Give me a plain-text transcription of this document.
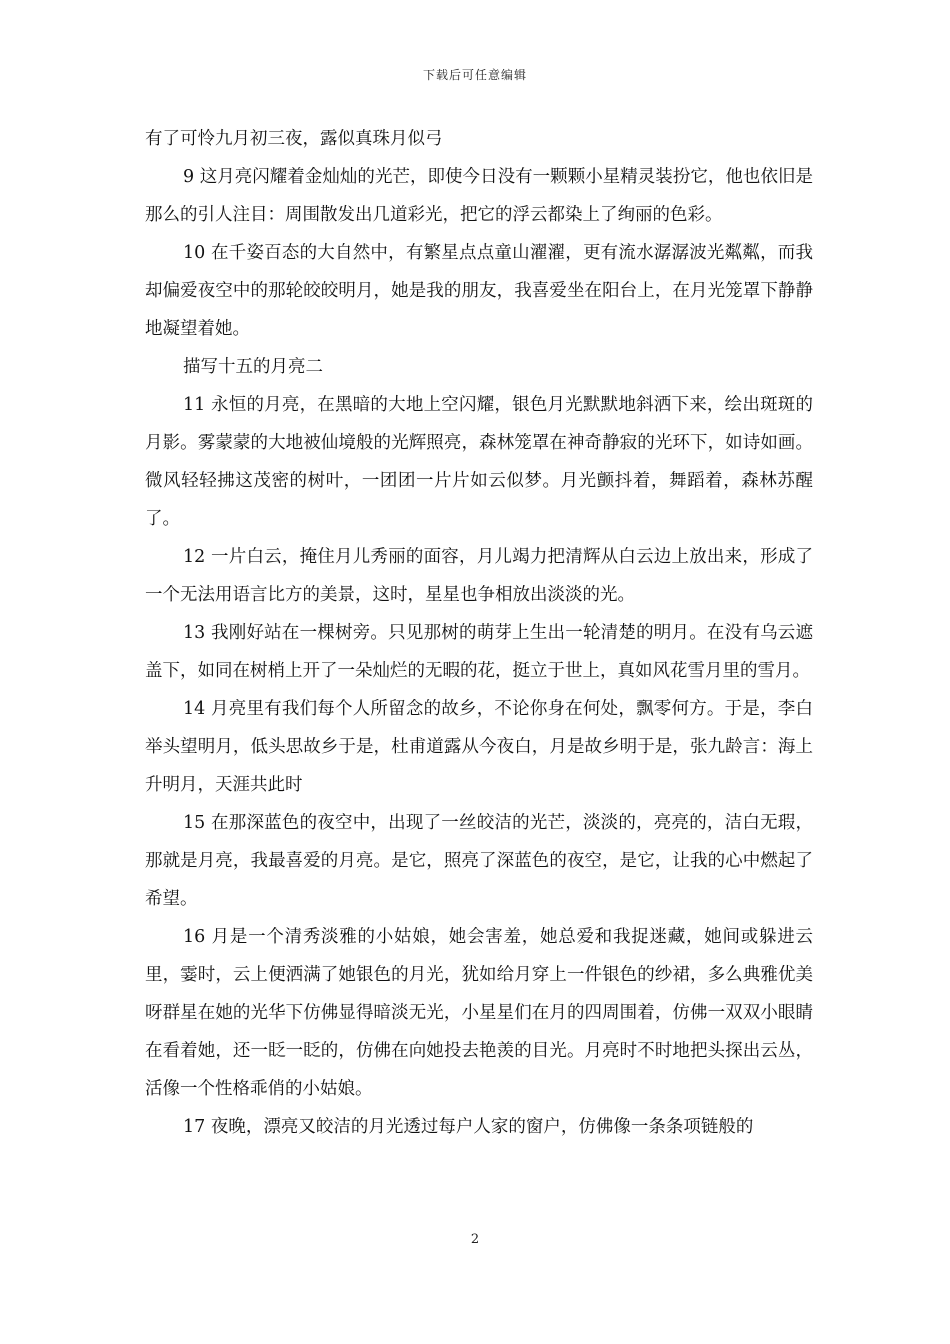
下载后可任意编辑

有了可怜九月初三夜，露似真珠月似弓

9 这月亮闪耀着金灿灿的光芒，即使今日没有一颗颗小星精灵装扮它，他也依旧是那么的引人注目：周围散发出几道彩光，把它的浮云都染上了绚丽的色彩。

10 在千姿百态的大自然中，有繁星点点童山濯濯，更有流水潺潺波光粼粼，而我却偏爱夜空中的那轮皎皎明月，她是我的朋友，我喜爱坐在阳台上，在月光笼罩下静静地凝望着她。

描写十五的月亮二

11 永恒的月亮，在黑暗的大地上空闪耀，银色月光默默地斜洒下来，绘出斑斑的月影。雾蒙蒙的大地被仙境般的光辉照亮，森林笼罩在神奇静寂的光环下，如诗如画。微风轻轻拂这茂密的树叶，一团团一片片如云似梦。月光颤抖着，舞蹈着，森林苏醒了。

12 一片白云，掩住月儿秀丽的面容，月儿竭力把清辉从白云边上放出来，形成了一个无法用语言比方的美景，这时，星星也争相放出淡淡的光。

13 我刚好站在一棵树旁。只见那树的萌芽上生出一轮清楚的明月。在没有乌云遮盖下，如同在树梢上开了一朵灿烂的无暇的花，挺立于世上，真如风花雪月里的雪月。

14 月亮里有我们每个人所留念的故乡，不论你身在何处，飘零何方。于是，李白举头望明月，低头思故乡于是，杜甫道露从今夜白，月是故乡明于是，张九龄言：海上升明月，天涯共此时

15 在那深蓝色的夜空中，出现了一丝皎洁的光芒，淡淡的，亮亮的，洁白无瑕，那就是月亮，我最喜爱的月亮。是它，照亮了深蓝色的夜空，是它，让我的心中燃起了希望。

16 月是一个清秀淡雅的小姑娘，她会害羞，她总爱和我捉迷藏，她间或躲进云里，霎时，云上便洒满了她银色的月光，犹如给月穿上一件银色的纱裙，多么典雅优美呀群星在她的光华下仿佛显得暗淡无光，小星星们在月的四周围着，仿佛一双双小眼睛在看着她，还一眨一眨的，仿佛在向她投去艳羡的目光。月亮时不时地把头探出云丛，活像一个性格乖俏的小姑娘。

17 夜晚，漂亮又皎洁的月光透过每户人家的窗户，仿佛像一条条项链般的

2
